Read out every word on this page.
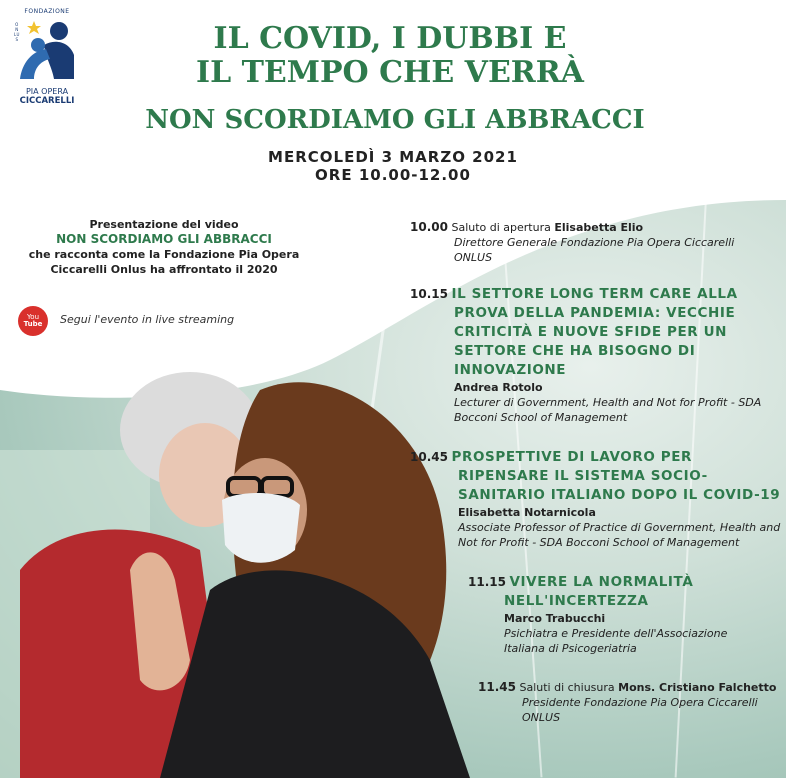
FONDAZIONE
PIA OPERA
CICCARELLI
ONLUS	IL COVID, I DUBBI E
IL TEMPO CHE VERRÀ
NON SCORDIAMO GLI ABBRACCI
MERCOLEDÌ 3 MARZO 2021
ORE 10.00-12.00
Presentazione del video
NON SCORDIAMO GLI ABBRACCI
che racconta come la Fondazione Pia Opera
Ciccarelli Onlus ha affrontato il 2020
You
Tube	Segui l'evento in live streaming
10.00 Saluto di apertura Elisabetta Elio
Direttore Generale Fondazione Pia Opera Ciccarelli
ONLUS
10.15 IL SETTORE LONG TERM CARE ALLA
PROVA DELLA PANDEMIA: VECCHIE
CRITICITÀ E NUOVE SFIDE PER UN
SETTORE CHE HA BISOGNO DI
INNOVAZIONE
Andrea Rotolo
Lecturer di Government, Health and Not for Profit - SDA
Bocconi School of Management
10.45 PROSPETTIVE DI LAVORO PER
RIPENSARE IL SISTEMA SOCIO-
SANITARIO ITALIANO DOPO IL COVID-19
Elisabetta Notarnicola
Associate Professor of Practice di Government, Health and
Not for Profit - SDA Bocconi School of Management
11.15 VIVERE LA NORMALITÀ
NELL'INCERTEZZA
Marco Trabucchi
Psichiatra e Presidente dell'Associazione
Italiana di Psicogeriatria
11.45 Saluti di chiusura Mons. Cristiano Falchetto
Presidente Fondazione Pia Opera Ciccarelli
ONLUS
